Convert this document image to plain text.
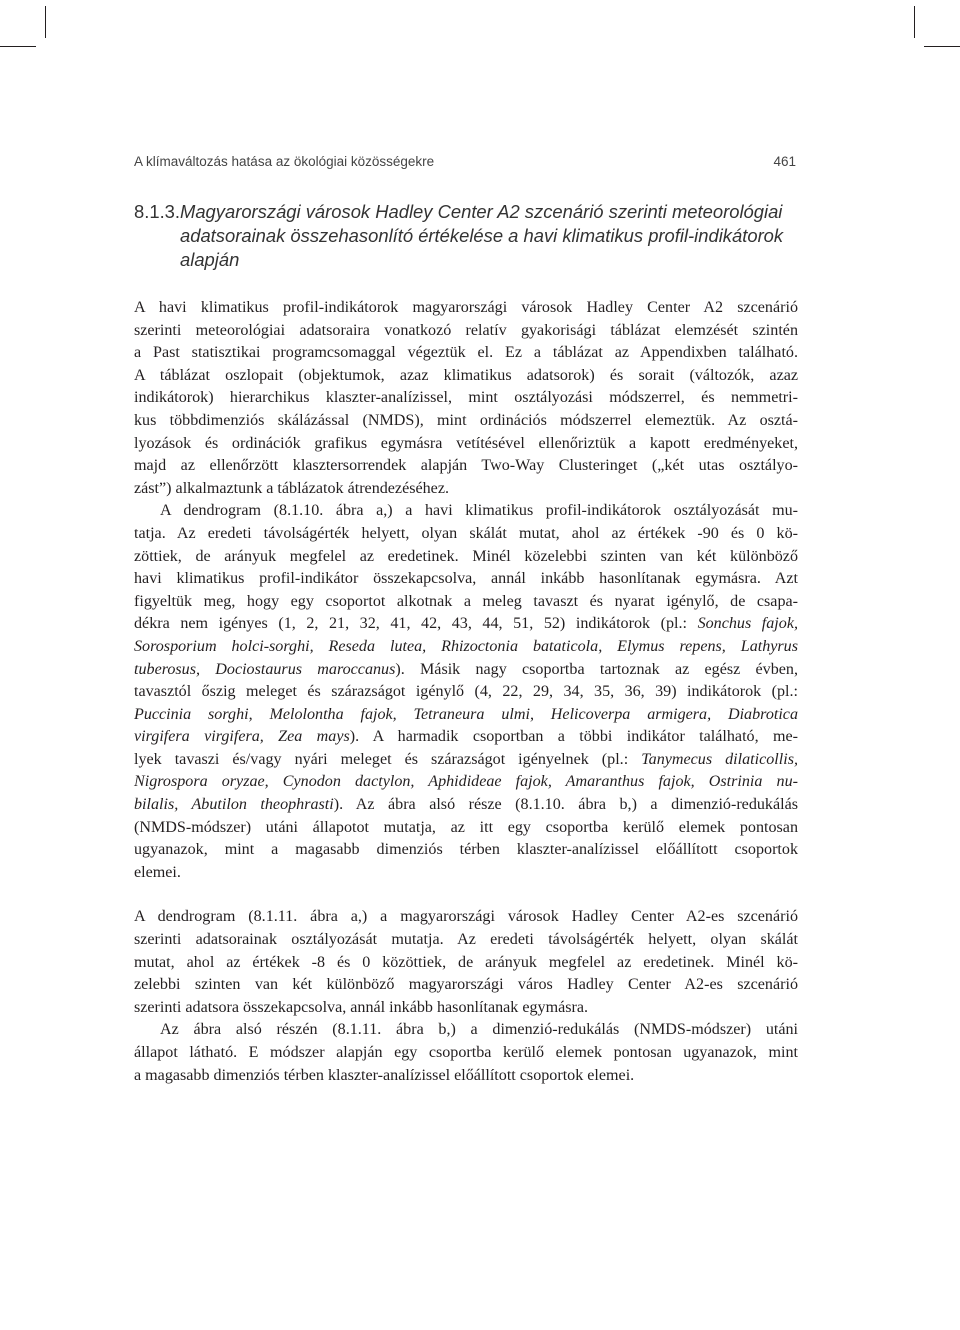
A klímaváltozás hatása az ökológiai közösségekre	461
8.1.3. Magyarországi városok Hadley Center A2 szcenárió szerinti meteorológiai
adatsorainak összehasonlító értékelése a havi klimatikus profil-indikátorok
alapján
A havi klimatikus profil-indikátorok magyarországi városok Hadley Center A2 szcenárió
szerinti meteorológiai adatsoraira vonatkozó relatív gyakorisági táblázat elemzését szintén
a Past statisztikai programcsomaggal végeztük el. Ez a táblázat az Appendixben található.
A táblázat oszlopait (objektumok, azaz klimatikus adatsorok) és sorait (változók, azaz
indikátorok) hierarchikus klaszter-analízissel, mint osztályozási módszerrel, és nemmetri-
kus többdimenziós skálázással (NMDS), mint ordinációs módszerrel elemeztük. Az osztá-
lyozások és ordinációk grafikus egymásra vetítésével ellenőriztük a kapott eredményeket,
majd az ellenőrzött klasztersorrendek alapján Two-Way Clusteringet („két utas osztályo-
zást”) alkalmaztunk a táblázatok átrendezéséhez.
A dendrogram (8.1.10. ábra a,) a havi klimatikus profil-indikátorok osztályozását mu-
tatja. Az eredeti távolságérték helyett, olyan skálát mutat, ahol az értékek -90 és 0 kö-
zöttiek, de arányuk megfelel az eredetinek. Minél közelebbi szinten van két különböző
havi klimatikus profil-indikátor összekapcsolva, annál inkább hasonlítanak egymásra. Azt
figyeltük meg, hogy egy csoportot alkotnak a meleg tavaszt és nyarat igénylő, de csapa-
dékra nem igényes (1, 2, 21, 32, 41, 42, 43, 44, 51, 52) indikátorok (pl.: Sonchus fajok,
Sorosporium holci-sorghi, Reseda lutea, Rhizoctonia bataticola, Elymus repens, Lathyrus
tuberosus, Dociostaurus maroccanus). Másik nagy csoportba tartoznak az egész évben,
tavasztól őszig meleget és szárazságot igénylő (4, 22, 29, 34, 35, 36, 39) indikátorok (pl.:
Puccinia sorghi, Melolontha fajok, Tetraneura ulmi, Helicoverpa armigera, Diabrotica
virgifera virgifera, Zea mays). A harmadik csoportban a többi indikátor található, me-
lyek tavaszi és/vagy nyári meleget és szárazságot igényelnek (pl.: Tanymecus dilaticollis,
Nigrospora oryzae, Cynodon dactylon, Aphidideae fajok, Amaranthus fajok, Ostrinia nu-
bilalis, Abutilon theophrasti). Az ábra alsó része (8.1.10. ábra b,) a dimenzió-redukálás
(NMDS-módszer) utáni állapotot mutatja, az itt egy csoportba kerülő elemek pontosan
ugyanazok, mint a magasabb dimenziós térben klaszter-analízissel előállított csoportok
elemei.
A dendrogram (8.1.11. ábra a,) a magyarországi városok Hadley Center A2-es szcenárió
szerinti adatsorainak osztályozását mutatja. Az eredeti távolságérték helyett, olyan skálát
mutat, ahol az értékek -8 és 0 közöttiek, de arányuk megfelel az eredetinek. Minél kö-
zelebbi szinten van két különböző magyarországi város Hadley Center A2-es szcenárió
szerinti adatsora összekapcsolva, annál inkább hasonlítanak egymásra.
Az ábra alsó részén (8.1.11. ábra b,) a dimenzió-redukálás (NMDS-módszer) utáni
állapot látható. E módszer alapján egy csoportba kerülő elemek pontosan ugyanazok, mint
a magasabb dimenziós térben klaszter-analízissel előállított csoportok elemei.
